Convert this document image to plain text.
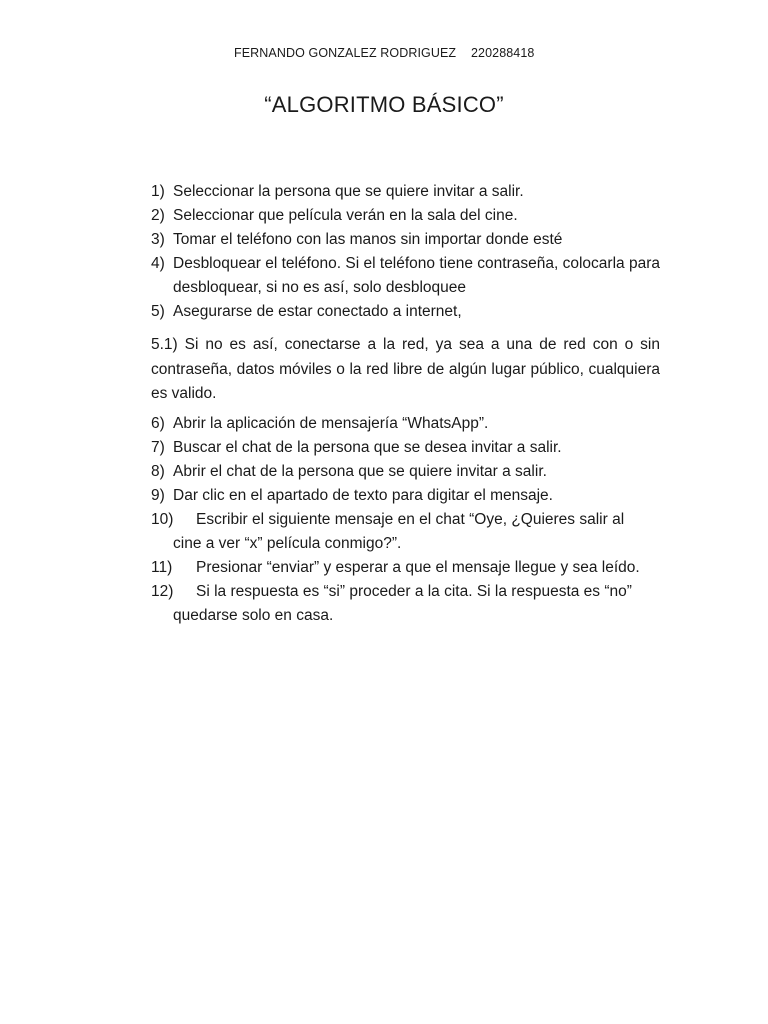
FERNANDO GONZALEZ RODRIGUEZ 220288418
“ALGORITMO BÁSICO”
1) Seleccionar la persona que se quiere invitar a salir.
2) Seleccionar que película verán en la sala del cine.
3) Tomar el teléfono con las manos sin importar donde esté
4) Desbloquear el teléfono. Si el teléfono tiene contraseña, colocarla para desbloquear, si no es así, solo desbloquee
5) Asegurarse de estar conectado a internet,
5.1) Si no es así, conectarse a la red, ya sea a una de red con o sin contraseña, datos móviles o la red libre de algún lugar público, cualquiera es valido.
6) Abrir la aplicación de mensajería “WhatsApp”.
7) Buscar el chat de la persona que se desea invitar a salir.
8) Abrir el chat de la persona que se quiere invitar a salir.
9) Dar clic en el apartado de texto para digitar el mensaje.
10) Escribir el siguiente mensaje en el chat “Oye, ¿Quieres salir al
cine a ver “x” película conmigo?”.
11) Presionar “enviar” y esperar a que el mensaje llegue y sea leído.
12) Si la respuesta es “si” proceder a la cita. Si la respuesta es “no”
quedarse solo en casa.
